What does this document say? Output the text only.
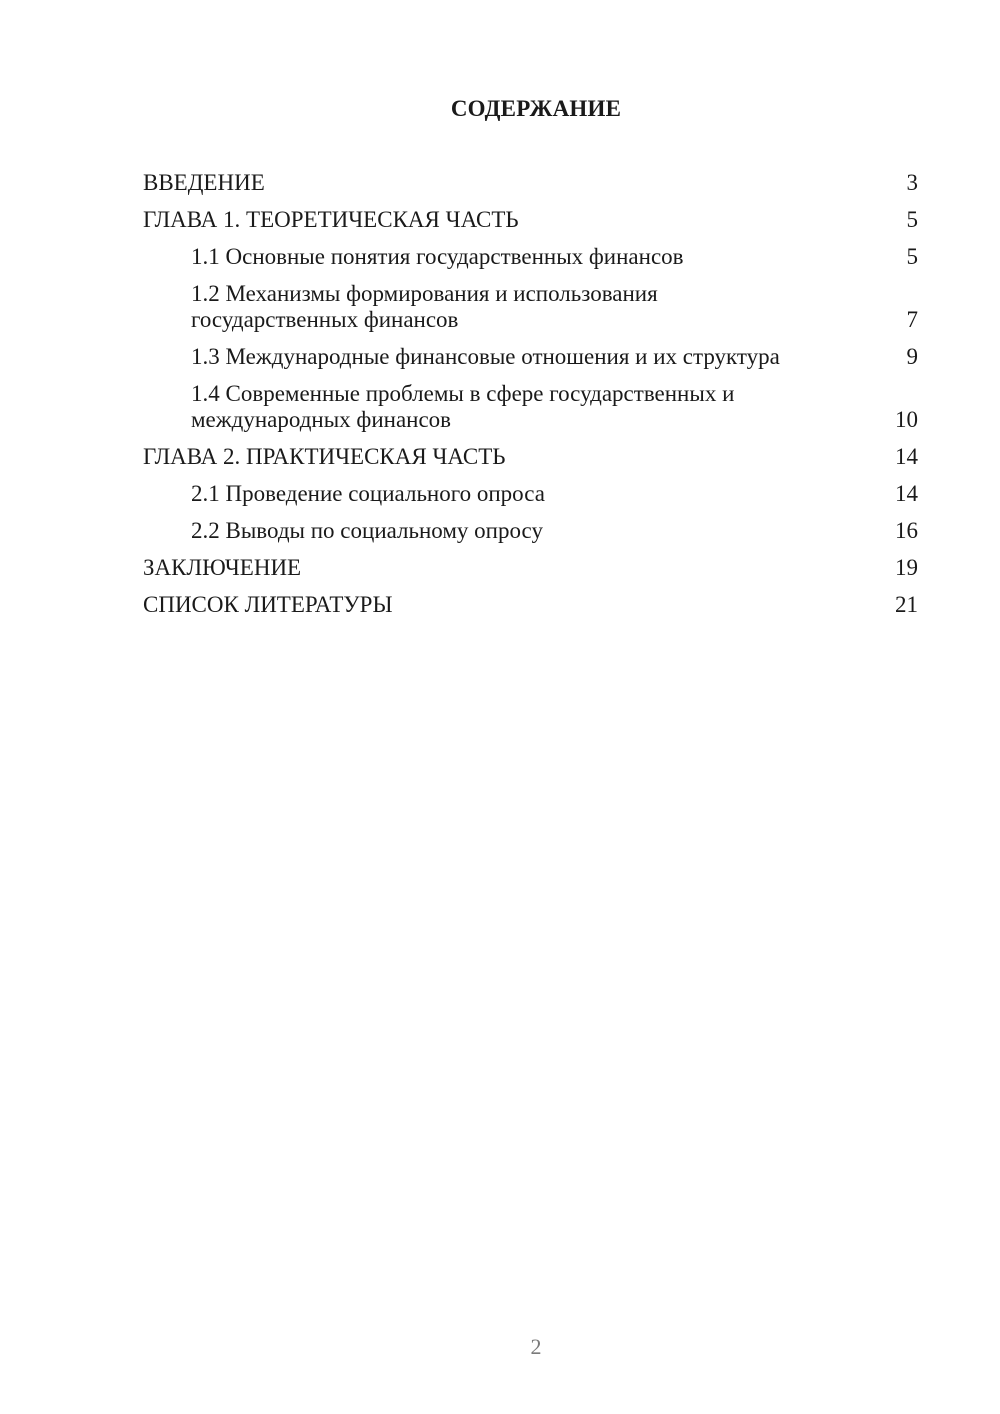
СОДЕРЖАНИЕ
ВВЕДЕНИЕ	3
ГЛАВА 1. ТЕОРЕТИЧЕСКАЯ ЧАСТЬ	5
1.1 Основные понятия государственных финансов	5
1.2 Механизмы формирования и использования государственных финансов	7
1.3 Международные финансовые отношения и их структура	9
1.4 Современные проблемы в сфере государственных и международных финансов	10
ГЛАВА 2. ПРАКТИЧЕСКАЯ ЧАСТЬ	14
2.1 Проведение социального опроса	14
2.2 Выводы по социальному опросу	16
ЗАКЛЮЧЕНИЕ	19
СПИСОК ЛИТЕРАТУРЫ	21
2
